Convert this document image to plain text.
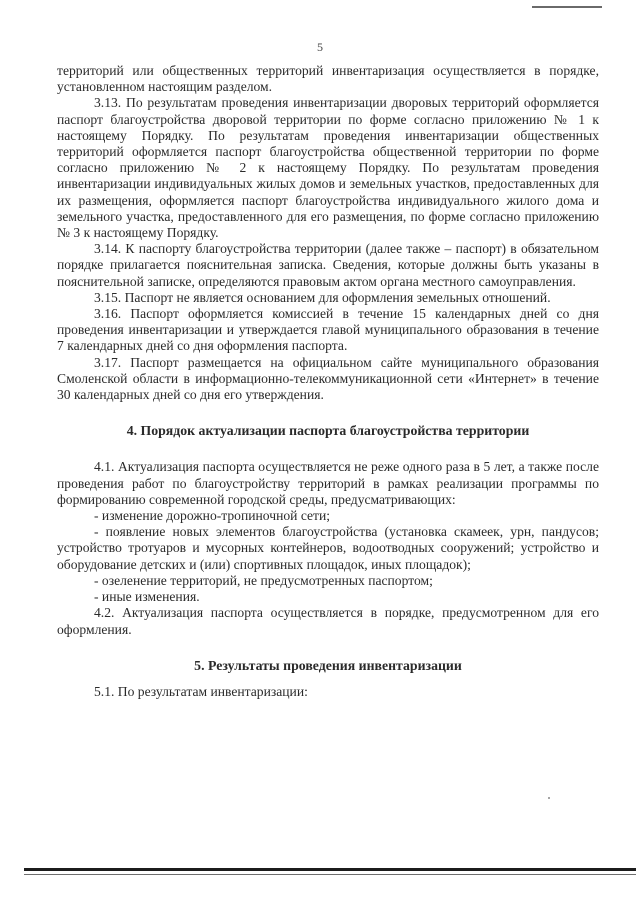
5

территорий или общественных территорий инвентаризация осуществляется в порядке, установленном настоящим разделом.

3.13. По результатам проведения инвентаризации дворовых территорий оформляется паспорт благоустройства дворовой территории по форме согласно приложению № 1 к настоящему Порядку. По результатам проведения инвентаризации общественных территорий оформляется паспорт благоустройства общественной территории по форме согласно приложению № 2 к настоящему Порядку. По результатам проведения инвентаризации индивидуальных жилых домов и земельных участков, предоставленных для их размещения, оформляется паспорт благоустройства индивидуального жилого дома и земельного участка, предоставленного для его размещения, по форме согласно приложению № 3 к настоящему Порядку.

3.14. К паспорту благоустройства территории (далее также – паспорт) в обязательном порядке прилагается пояснительная записка. Сведения, которые должны быть указаны в пояснительной записке, определяются правовым актом органа местного самоуправления.

3.15. Паспорт не является основанием для оформления земельных отношений.

3.16. Паспорт оформляется комиссией в течение 15 календарных дней со дня проведения инвентаризации и утверждается главой муниципального образования в течение 7 календарных дней со дня оформления паспорта.

3.17. Паспорт размещается на официальном сайте муниципального образования Смоленской области в информационно-телекоммуникационной сети «Интернет» в течение 30 календарных дней со дня его утверждения.

4. Порядок актуализации паспорта благоустройства территории

4.1. Актуализация паспорта осуществляется не реже одного раза в 5 лет, а также после проведения работ по благоустройству территорий в рамках реализации программы по формированию современной городской среды, предусматривающих:

- изменение дорожно-тропиночной сети;

- появление новых элементов благоустройства (установка скамеек, урн, пандусов; устройство тротуаров и мусорных контейнеров, водоотводных сооружений; устройство и оборудование детских и (или) спортивных площадок, иных площадок);

- озеленение территорий, не предусмотренных паспортом;

- иные изменения.

4.2. Актуализация паспорта осуществляется в порядке, предусмотренном для его оформления.

5. Результаты проведения инвентаризации

5.1. По результатам инвентаризации:
